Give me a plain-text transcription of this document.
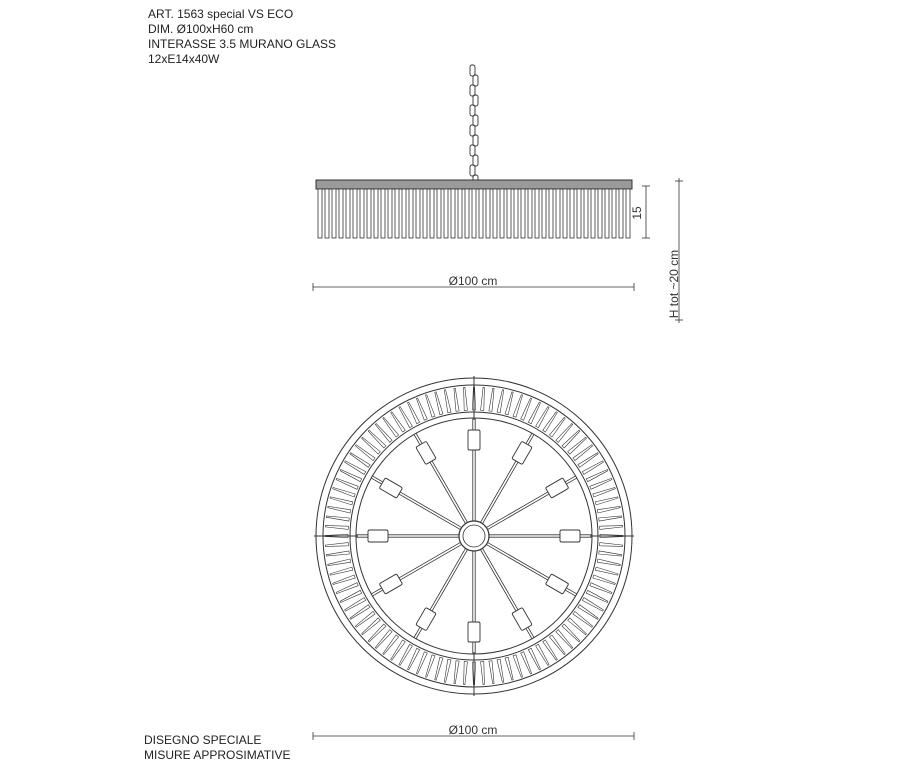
ART. 1563 special VS ECO
DIM. Ø100xH60 cm
INTERASSE 3.5 MURANO GLASS
12xE14x40W
Ø100 cm
15
H tot ~20 cm
Ø100 cm
DISEGNO SPECIALE
MISURE APPROSIMATIVE
